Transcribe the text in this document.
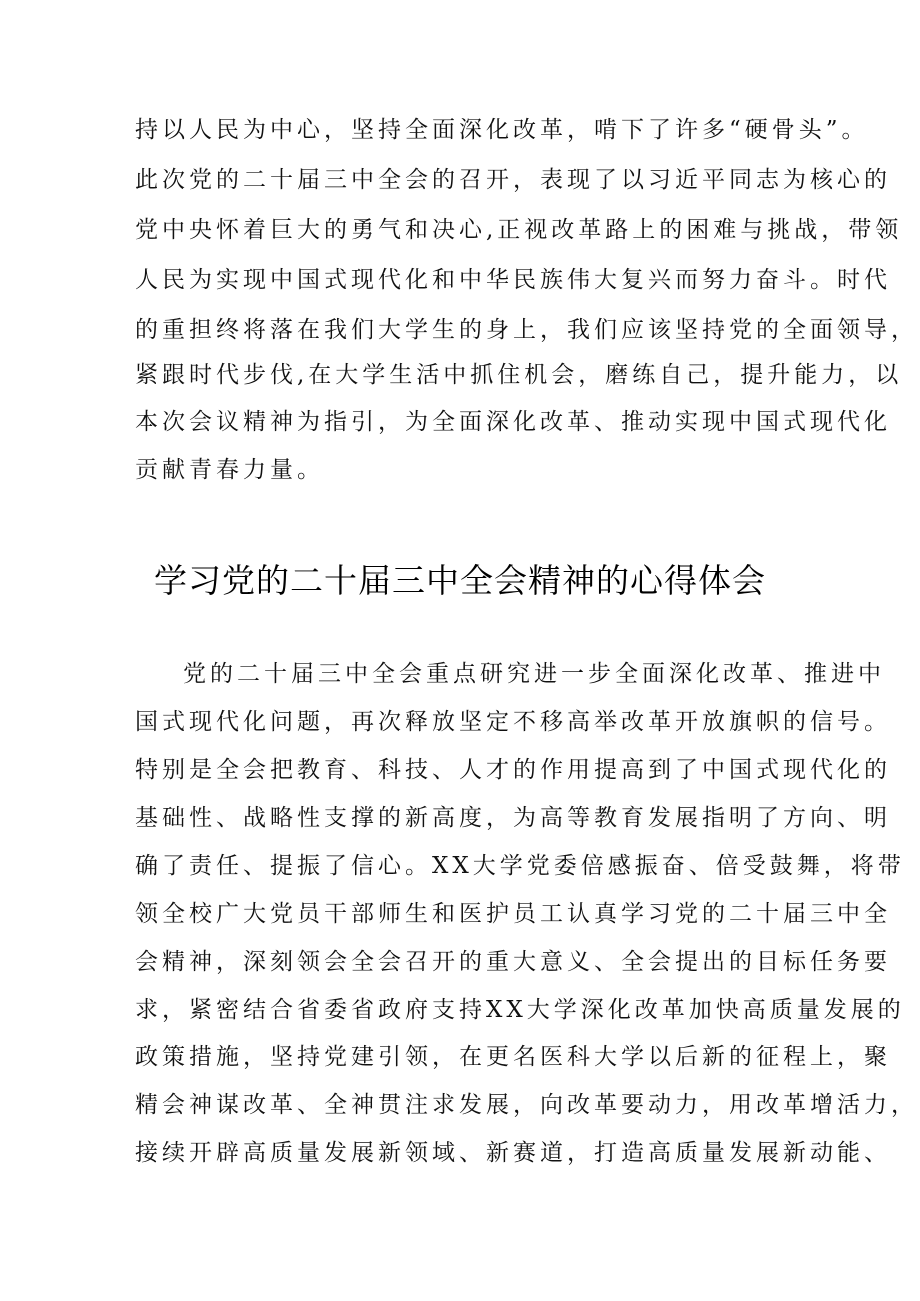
持以人民为中心，坚持全面深化改革，啃下了许多“硬骨头”。
此次党的二十届三中全会的召开，表现了以习近平同志为核心的
党中央怀着巨大的勇气和决心,正视改革路上的困难与挑战，带领
人民为实现中国式现代化和中华民族伟大复兴而努力奋斗。时代
的重担终将落在我们大学生的身上，我们应该坚持党的全面领导，
紧跟时代步伐,在大学生活中抓住机会，磨练自己，提升能力，以
本次会议精神为指引，为全面深化改革、推动实现中国式现代化
贡献青春力量。
学习党的二十届三中全会精神的心得体会
党的二十届三中全会重点研究进一步全面深化改革、推进中
国式现代化问题，再次释放坚定不移高举改革开放旗帜的信号。
特别是全会把教育、科技、人才的作用提高到了中国式现代化的
基础性、战略性支撑的新高度，为高等教育发展指明了方向、明
确了责任、提振了信心。XX大学党委倍感振奋、倍受鼓舞，将带
领全校广大党员干部师生和医护员工认真学习党的二十届三中全
会精神，深刻领会全会召开的重大意义、全会提出的目标任务要
求，紧密结合省委省政府支持XX大学深化改革加快高质量发展的
政策措施，坚持党建引领，在更名医科大学以后新的征程上，聚
精会神谋改革、全神贯注求发展，向改革要动力，用改革增活力，
接续开辟高质量发展新领域、新赛道，打造高质量发展新动能、
